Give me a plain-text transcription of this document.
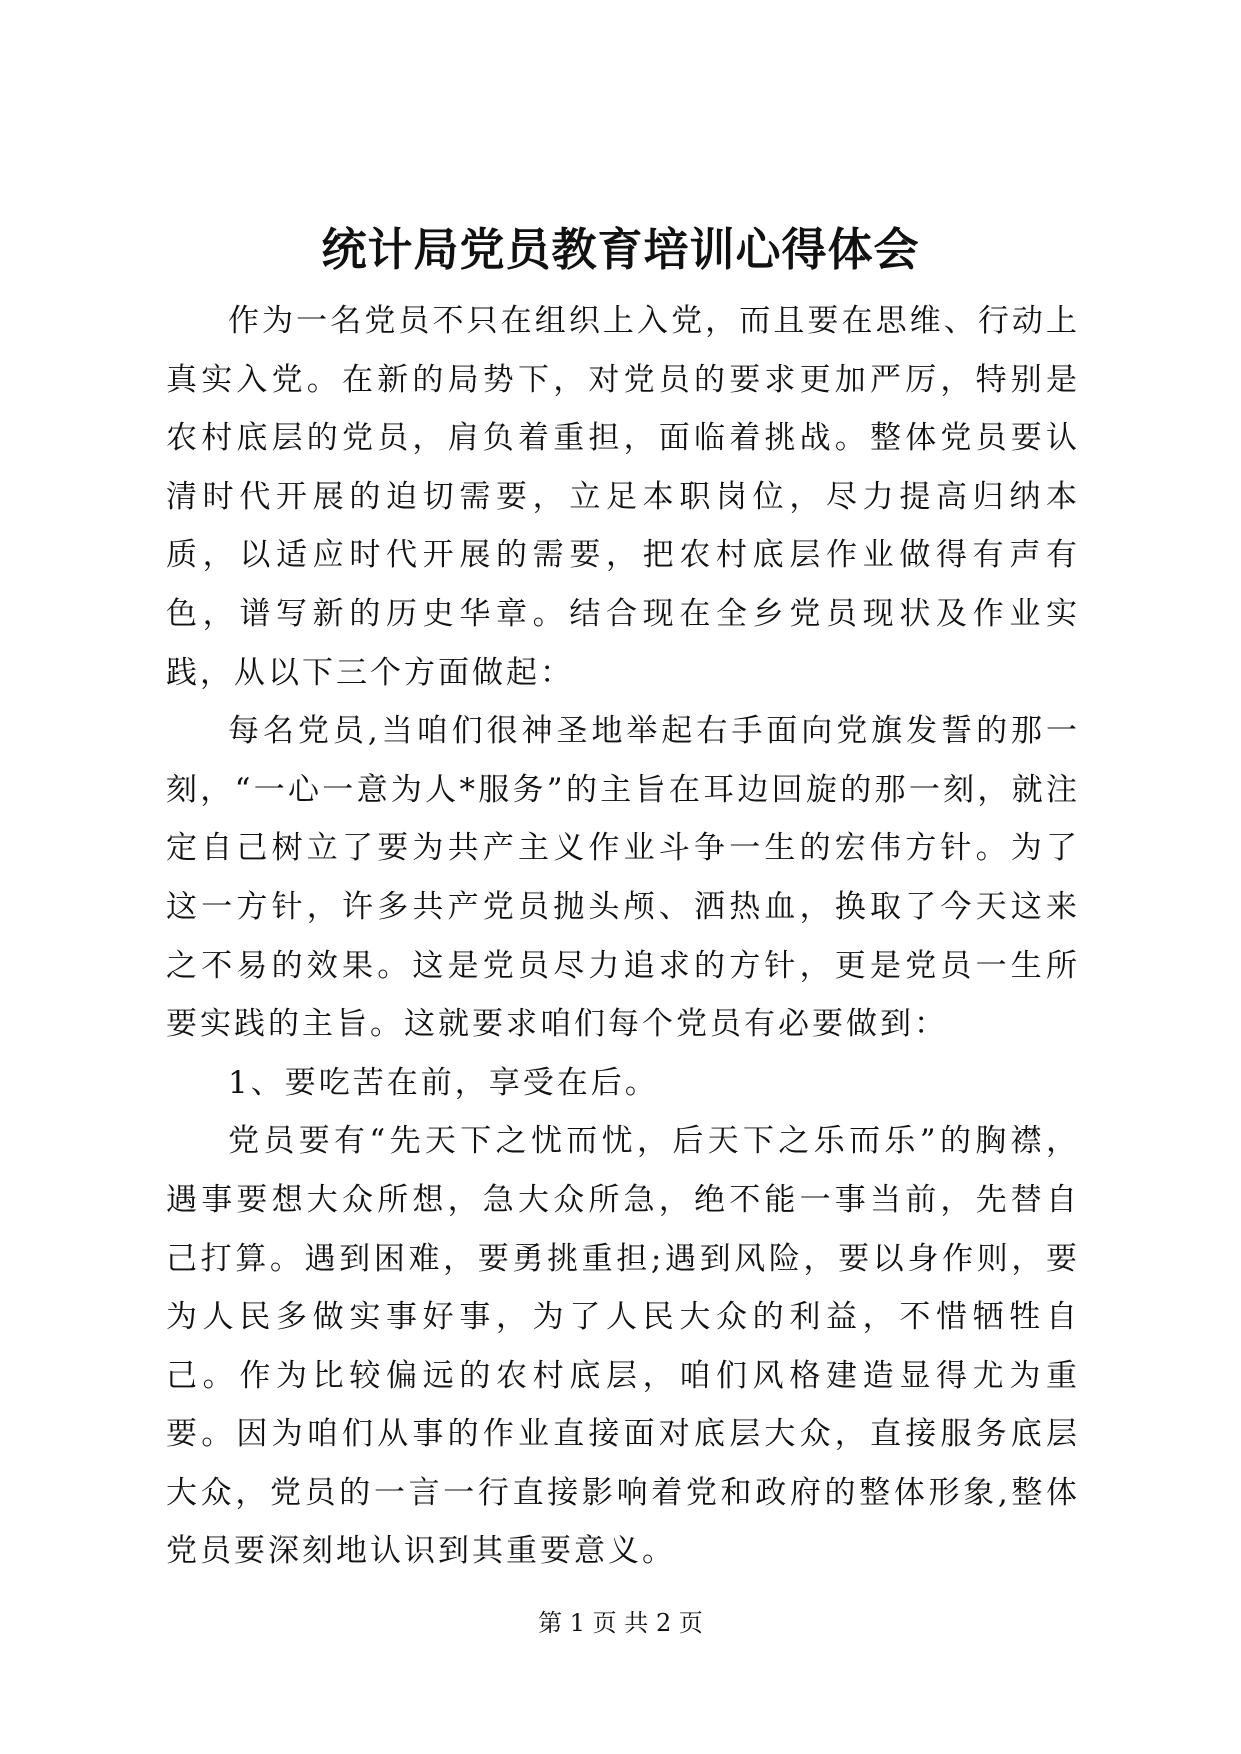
统计局党员教育培训心得体会

作为一名党员不只在组织上入党，而且要在思维、行动上真实入党。在新的局势下，对党员的要求更加严厉，特别是农村底层的党员，肩负着重担，面临着挑战。整体党员要认清时代开展的迫切需要，立足本职岗位，尽力提高归纳本质，以适应时代开展的需要，把农村底层作业做得有声有色，谱写新的历史华章。结合现在全乡党员现状及作业实践，从以下三个方面做起：

每名党员,当咱们很神圣地举起右手面向党旗发誓的那一刻，“一心一意为人*服务”的主旨在耳边回旋的那一刻，就注定自己树立了要为共产主义作业斗争一生的宏伟方针。为了这一方针，许多共产党员抛头颅、洒热血，换取了今天这来之不易的效果。这是党员尽力追求的方针，更是党员一生所要实践的主旨。这就要求咱们每个党员有必要做到：

1、要吃苦在前，享受在后。

党员要有“先天下之忧而忧，后天下之乐而乐”的胸襟，遇事要想大众所想，急大众所急，绝不能一事当前，先替自己打算。遇到困难，要勇挑重担;遇到风险，要以身作则，要为人民多做实事好事，为了人民大众的利益，不惜牺牲自己。作为比较偏远的农村底层，咱们风格建造显得尤为重要。因为咱们从事的作业直接面对底层大众，直接服务底层大众，党员的一言一行直接影响着党和政府的整体形象,整体党员要深刻地认识到其重要意义。

第 1 页 共 2 页
